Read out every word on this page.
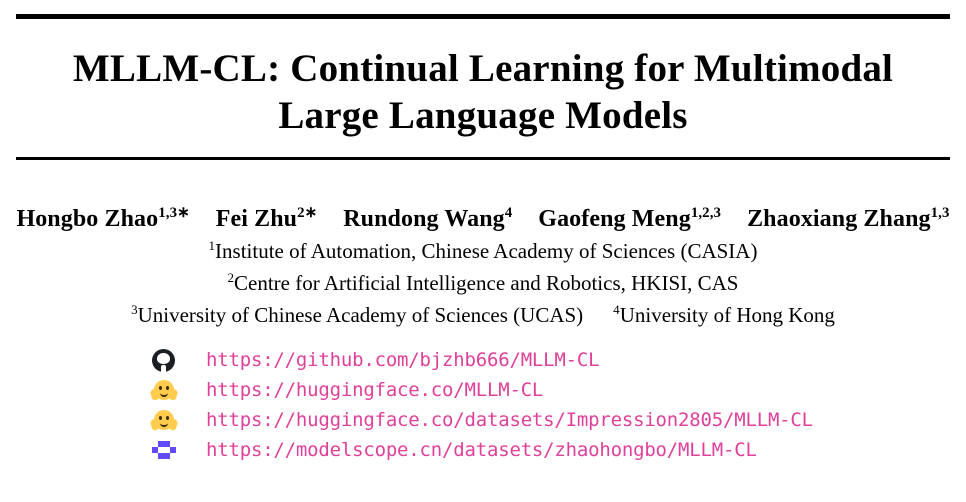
MLLM-CL: Continual Learning for Multimodal
Large Language Models
Hongbo Zhao$^{1,3∗}$ Fei Zhu$^{2∗}$ Rundong Wang$^4$ Gaofeng Meng$^{1,2,3}$ Zhaoxiang Zhang$^{1,3}$
$^1$Institute of Automation, Chinese Academy of Sciences (CASIA)
$^2$Centre for Artificial Intelligence and Robotics, HKISI, CAS
$^3$University of Chinese Academy of Sciences (UCAS) $^4$University of Hong Kong
https://github.com/bjzhb666/MLLM-CL
https://huggingface.co/MLLM-CL
https://huggingface.co/datasets/Impression2805/MLLM-CL
https://modelscope.cn/datasets/zhaohongbo/MLLM-CL
